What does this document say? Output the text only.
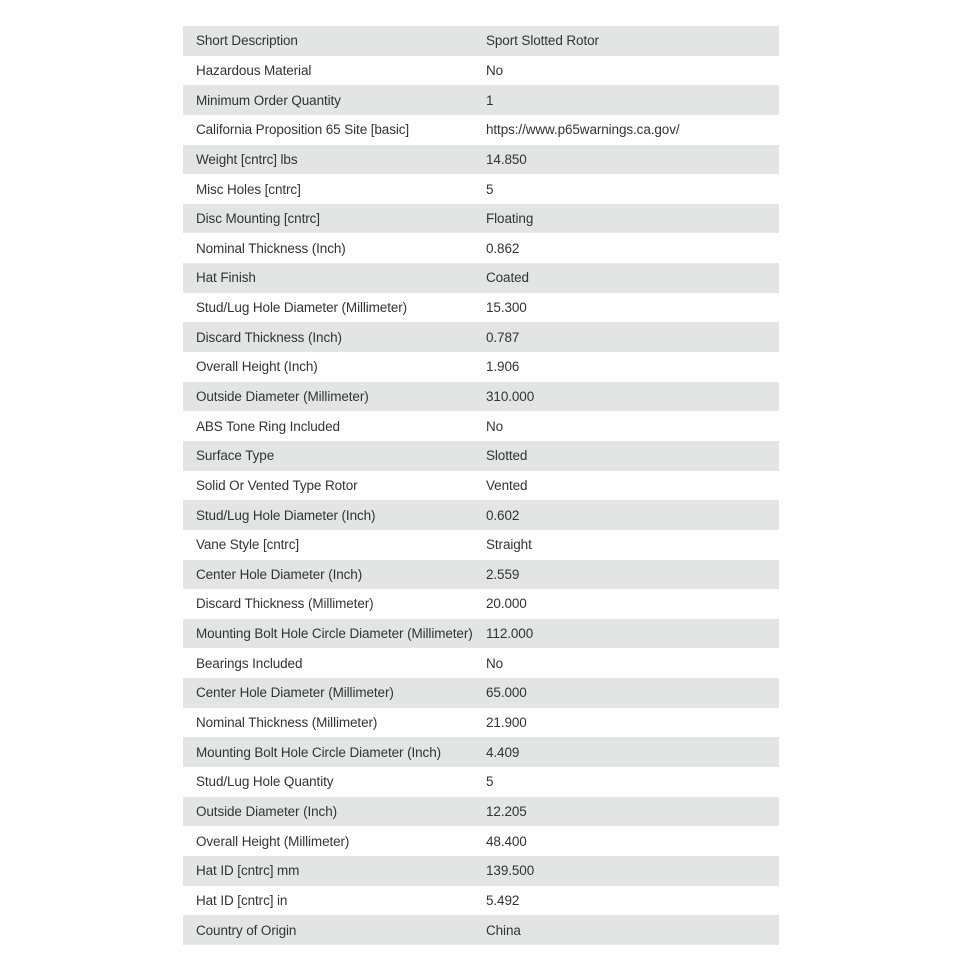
Short Description	Sport Slotted Rotor
Hazardous Material	No
Minimum Order Quantity	1
California Proposition 65 Site [basic]	https://www.p65warnings.ca.gov/
Weight [cntrc] lbs	14.850
Misc Holes [cntrc]	5
Disc Mounting [cntrc]	Floating
Nominal Thickness (Inch)	0.862
Hat Finish	Coated
Stud/Lug Hole Diameter (Millimeter)	15.300
Discard Thickness (Inch)	0.787
Overall Height (Inch)	1.906
Outside Diameter (Millimeter)	310.000
ABS Tone Ring Included	No
Surface Type	Slotted
Solid Or Vented Type Rotor	Vented
Stud/Lug Hole Diameter (Inch)	0.602
Vane Style [cntrc]	Straight
Center Hole Diameter (Inch)	2.559
Discard Thickness (Millimeter)	20.000
Mounting Bolt Hole Circle Diameter (Millimeter) 112.000
Bearings Included	No
Center Hole Diameter (Millimeter)	65.000
Nominal Thickness (Millimeter)	21.900
Mounting Bolt Hole Circle Diameter (Inch)	4.409
Stud/Lug Hole Quantity	5
Outside Diameter (Inch)	12.205
Overall Height (Millimeter)	48.400
Hat ID [cntrc] mm	139.500
Hat ID [cntrc] in	5.492
Country of Origin	China
